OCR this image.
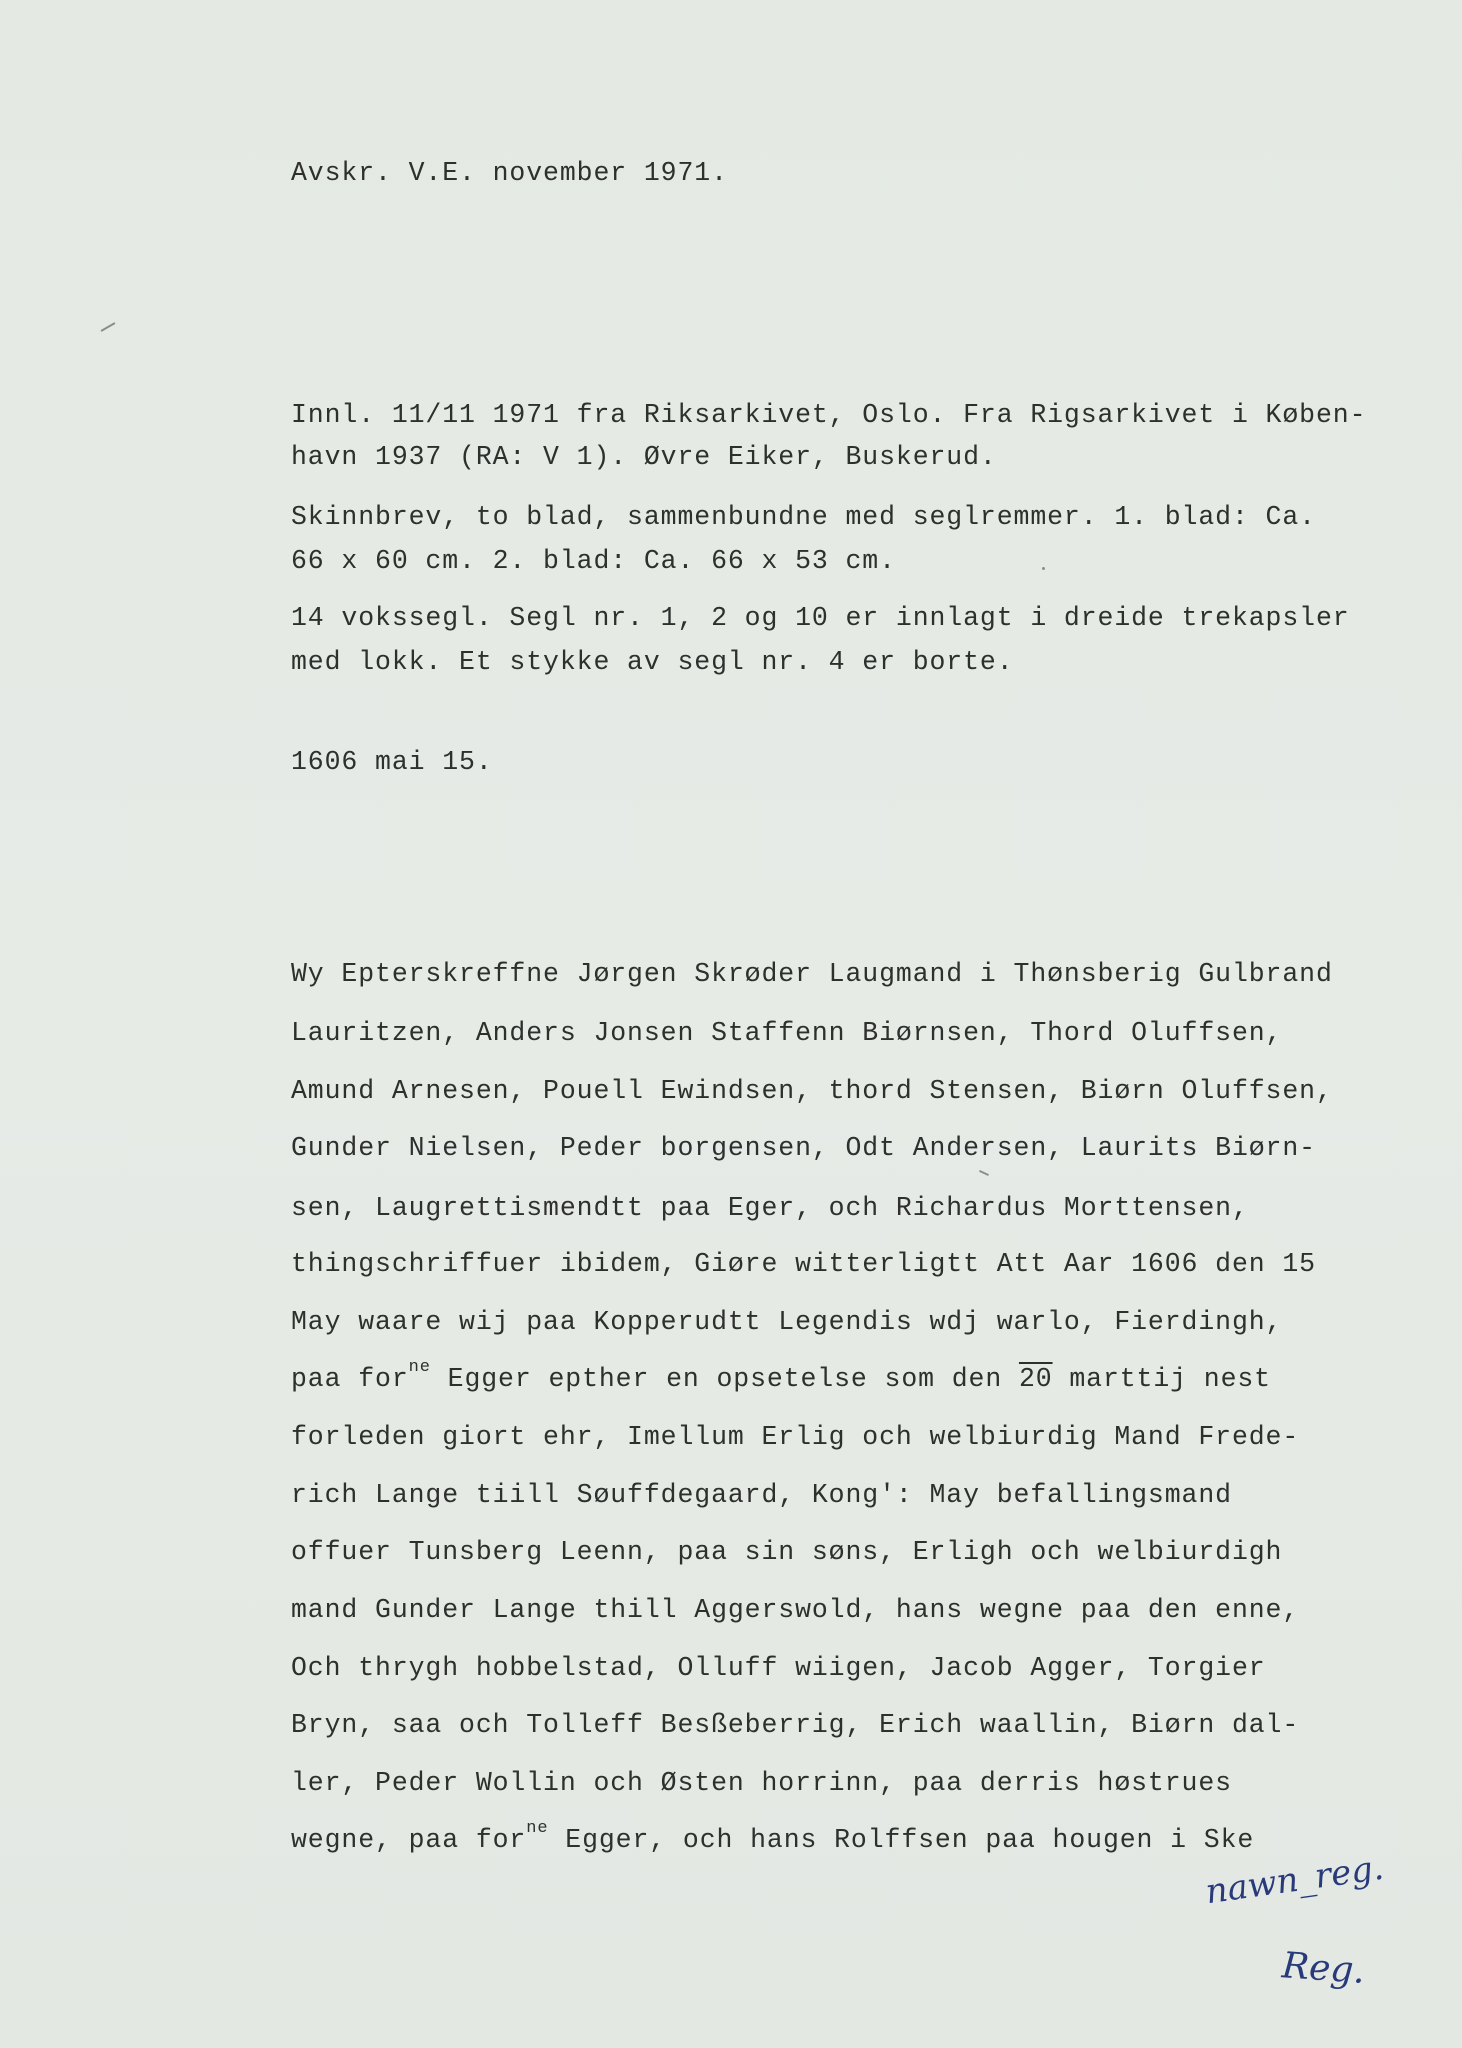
Avskr. V.E. november 1971.
Innl. 11/11 1971 fra Riksarkivet, Oslo. Fra Rigsarkivet i Køben-
havn 1937 (RA: V 1). Øvre Eiker, Buskerud.
Skinnbrev, to blad, sammenbundne med seglremmer. 1. blad: Ca.
66 x 60 cm. 2. blad: Ca. 66 x 53 cm.
14 vokssegl. Segl nr. 1, 2 og 10 er innlagt i dreide trekapsler
med lokk. Et stykke av segl nr. 4 er borte.
1606 mai 15.
Wy Epterskreffne Jørgen Skrøder Laugmand i Thønsberig Gulbrand
Lauritzen, Anders Jonsen Staffenn Biørnsen, Thord Oluffsen,
Amund Arnesen, Pouell Ewindsen, thord Stensen, Biørn Oluffsen,
Gunder Nielsen, Peder borgensen, Odt Andersen, Laurits Biørn-
sen, Laugrettismendtt paa Eger, och Richardus Morttensen,
thingschriffuer ibidem, Giøre witterligtt Att Aar 1606 den 15
May waare wij paa Kopperudtt Legendis wdj warlo, Fierdingh,
paa for$^{ne}$ Egger epther en opsetelse som den 20 marttij nest
forleden giort ehr, Imellum Erlig och welbiurdig Mand Frede-
rich Lange tiill Søuffdegaard, Kong': May befallingsmand
offuer Tunsberg Leenn, paa sin søns, Erligh och welbiurdigh
mand Gunder Lange thill Aggerswold, hans wegne paa den enne,
Och thrygh hobbelstad, Olluff wiigen, Jacob Agger, Torgier
Bryn, saa och Tolleff Besßeberrig, Erich waallin, Biørn dal-
ler, Peder Wollin och Østen horrinn, paa derris høstrues
wegne, paa for$^{ne}$ Egger, och hans Rolffsen paa hougen i Ske
nawn_reg.
Reg.
